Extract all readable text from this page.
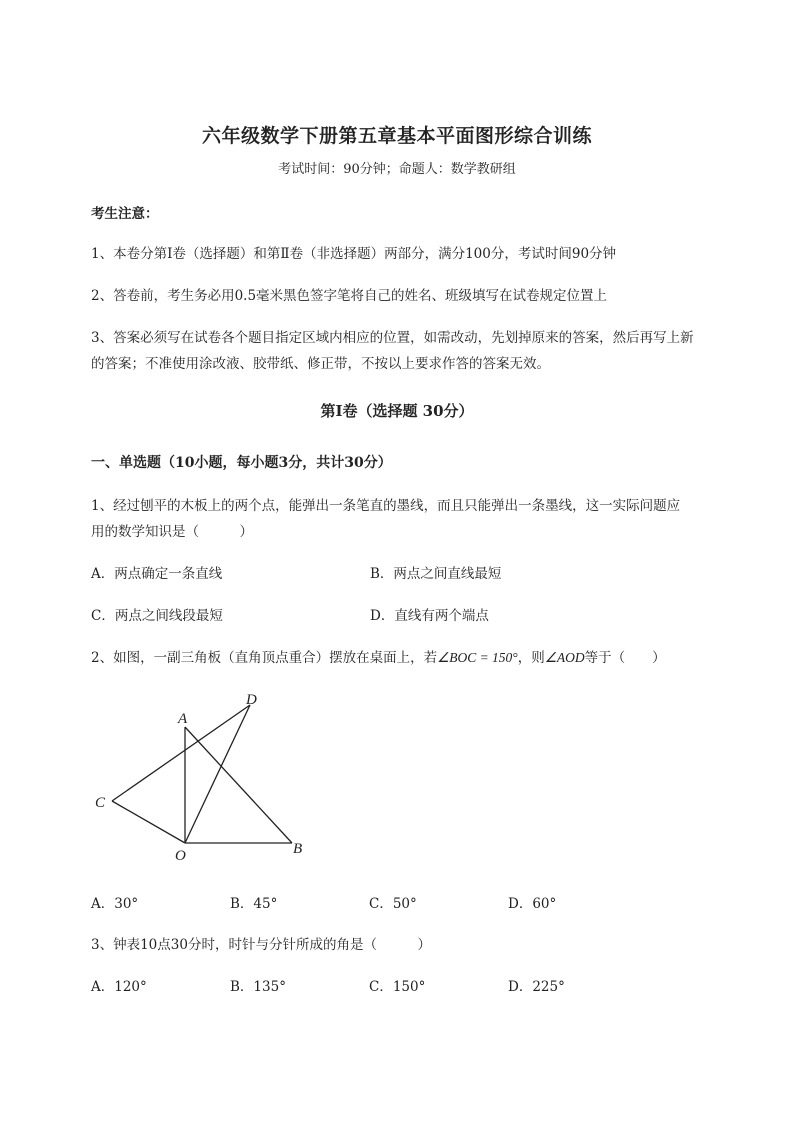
六年级数学下册第五章基本平面图形综合训练
考试时间：90分钟；命题人：数学教研组
考生注意：
1、本卷分第I卷（选择题）和第Ⅱ卷（非选择题）两部分，满分100分，考试时间90分钟
2、答卷前，考生务必用0.5毫米黑色签字笔将自己的姓名、班级填写在试卷规定位置上
3、答案必须写在试卷各个题目指定区域内相应的位置，如需改动，先划掉原来的答案，然后再写上新
的答案；不准使用涂改液、胶带纸、修正带，不按以上要求作答的答案无效。
第I卷（选择题 30分）
一、单选题（10小题，每小题3分，共计30分）
1、经过刨平的木板上的两个点，能弹出一条笔直的墨线，而且只能弹出一条墨线，这一实际问题应
用的数学知识是（　　　）
A．两点确定一条直线	B．两点之间直线最短
C．两点之间线段最短	D．直线有两个端点
2、如图，一副三角板（直角顶点重合）摆放在桌面上，若∠BOC = 150°，则∠AOD等于（　　）
A
D
C
O	B
A．30°	B．45°	C．50°	D．60°
3、钟表10点30分时，时针与分针所成的角是（　　　）
A．120°	B．135°	C．150°	D．225°
